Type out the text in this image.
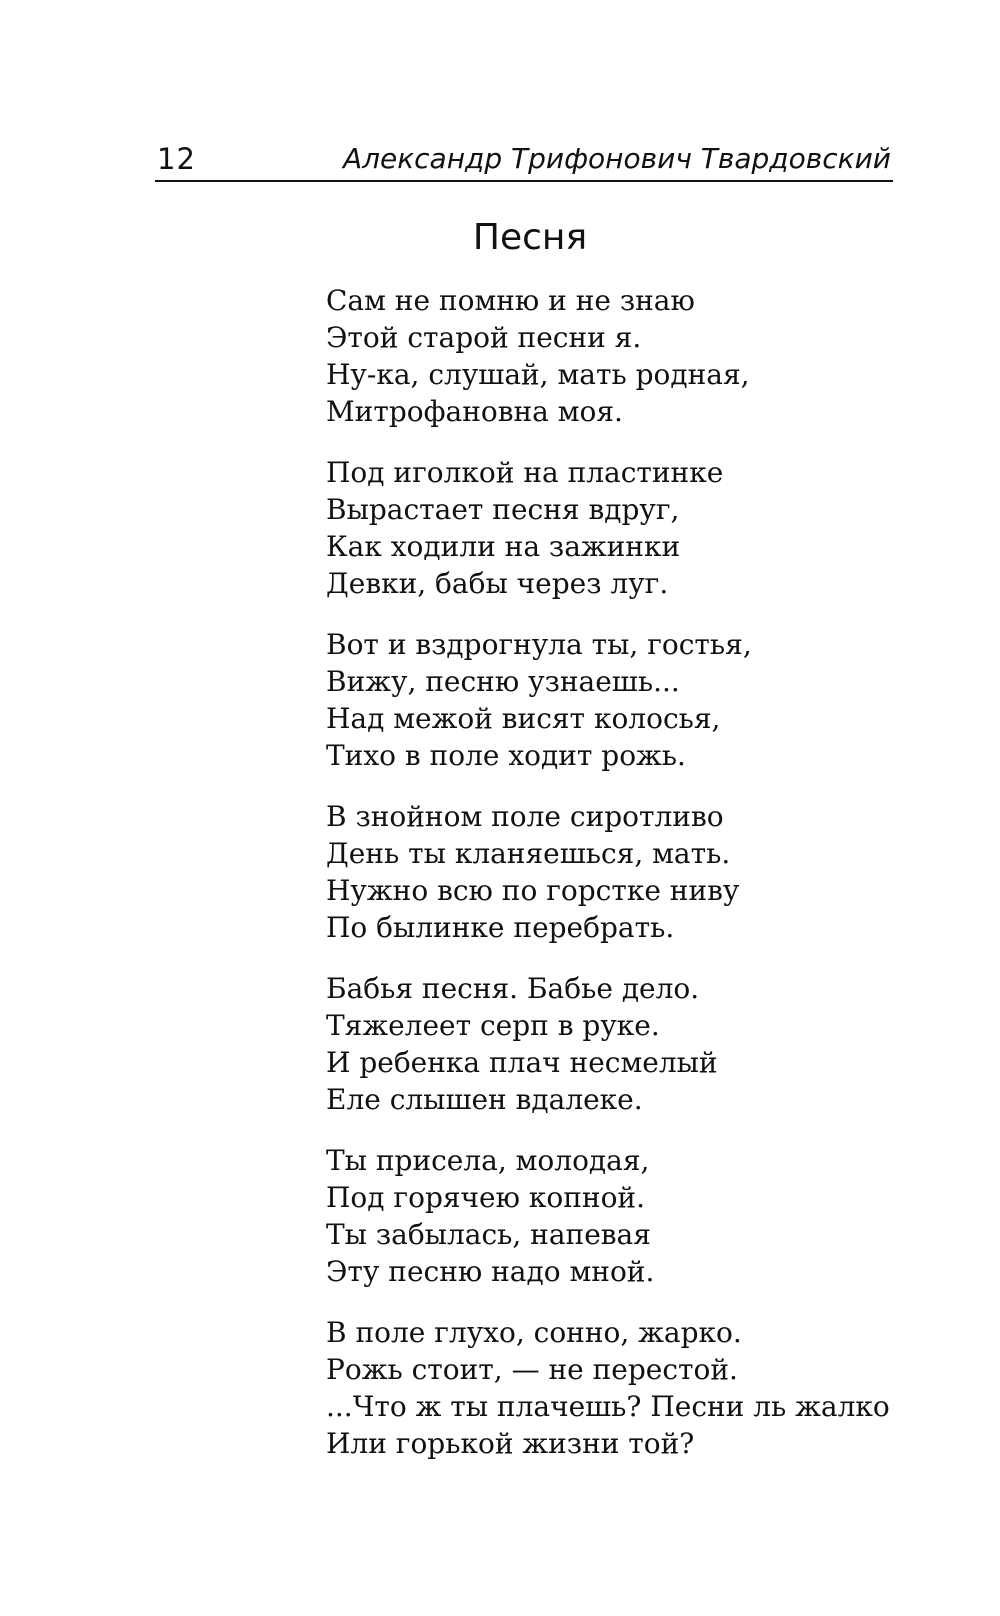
12	Александр Трифонович Твардовский
Песня
Сам не помню и не знаю
Этой старой песни я.
Ну-ка, слушай, мать родная,
Митрофановна моя.
Под иголкой на пластинке
Вырастает песня вдруг,
Как ходили на зажинки
Девки, бабы через луг.
Вот и вздрогнула ты, гостья,
Вижу, песню узнаешь...
Над межой висят колосья,
Тихо в поле ходит рожь.
В знойном поле сиротливо
День ты кланяешься, мать.
Нужно всю по горстке ниву
По былинке перебрать.
Бабья песня. Бабье дело.
Тяжелеет серп в руке.
И ребенка плач несмелый
Еле слышен вдалеке.
Ты присела, молодая,
Под горячею копной.
Ты забылась, напевая
Эту песню надо мной.
В поле глухо, сонно, жарко.
Рожь стоит, — не перестой.
...Что ж ты плачешь? Песни ль жалко
Или горькой жизни той?
